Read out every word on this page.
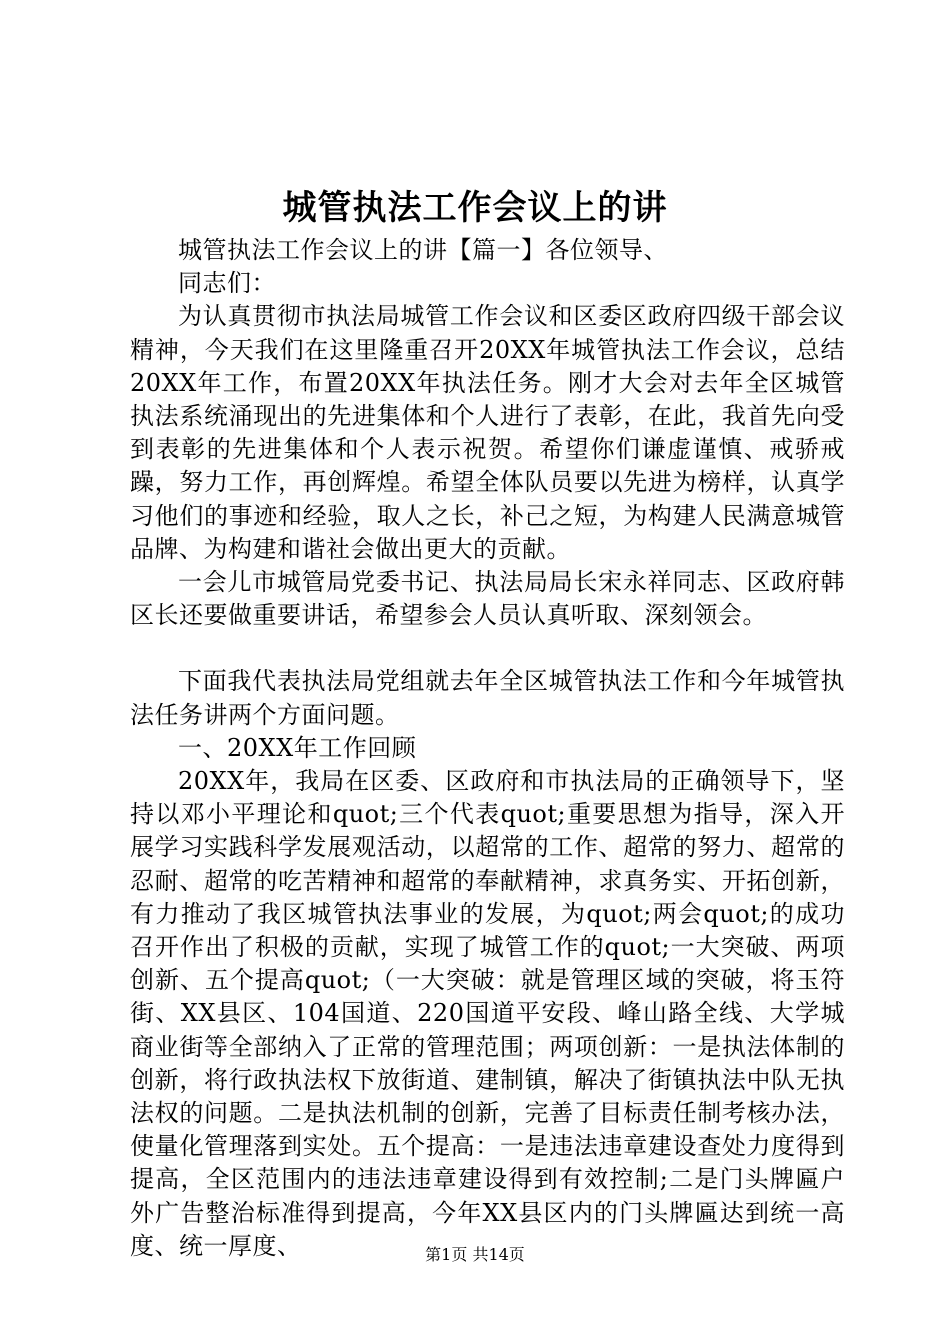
城管执法工作会议上的讲

城管执法工作会议上的讲【篇一】各位领导、

同志们：

为认真贯彻市执法局城管工作会议和区委区政府四级干部会议精神，今天我们在这里隆重召开20XX年城管执法工作会议，总结20XX年工作，布置20XX年执法任务。刚才大会对去年全区城管执法系统涌现出的先进集体和个人进行了表彰，在此，我首先向受到表彰的先进集体和个人表示祝贺。希望你们谦虚谨慎、戒骄戒躁，努力工作，再创辉煌。希望全体队员要以先进为榜样，认真学习他们的事迹和经验，取人之长，补己之短，为构建人民满意城管品牌、为构建和谐社会做出更大的贡献。

一会儿市城管局党委书记、执法局局长宋永祥同志、区政府韩区长还要做重要讲话，希望参会人员认真听取、深刻领会。

下面我代表执法局党组就去年全区城管执法工作和今年城管执法任务讲两个方面问题。

一、20XX年工作回顾

20XX年，我局在区委、区政府和市执法局的正确领导下，坚持以邓小平理论和quot;三个代表quot;重要思想为指导，深入开展学习实践科学发展观活动，以超常的工作、超常的努力、超常的忍耐、超常的吃苦精神和超常的奉献精神，求真务实、开拓创新，有力推动了我区城管执法事业的发展，为quot;两会quot;的成功召开作出了积极的贡献，实现了城管工作的quot;一大突破、两项创新、五个提高quot;（一大突破：就是管理区域的突破，将玉符街、XX县区、104国道、220国道平安段、峰山路全线、大学城商业街等全部纳入了正常的管理范围；两项创新：一是执法体制的创新，将行政执法权下放街道、建制镇，解决了街镇执法中队无执法权的问题。二是执法机制的创新，完善了目标责任制考核办法，使量化管理落到实处。五个提高：一是违法违章建设查处力度得到提高，全区范围内的违法违章建设得到有效控制;二是门头牌匾户外广告整治标准得到提高，今年XX县区内的门头牌匾达到统一高度、统一厚度、	第1页 共14页
